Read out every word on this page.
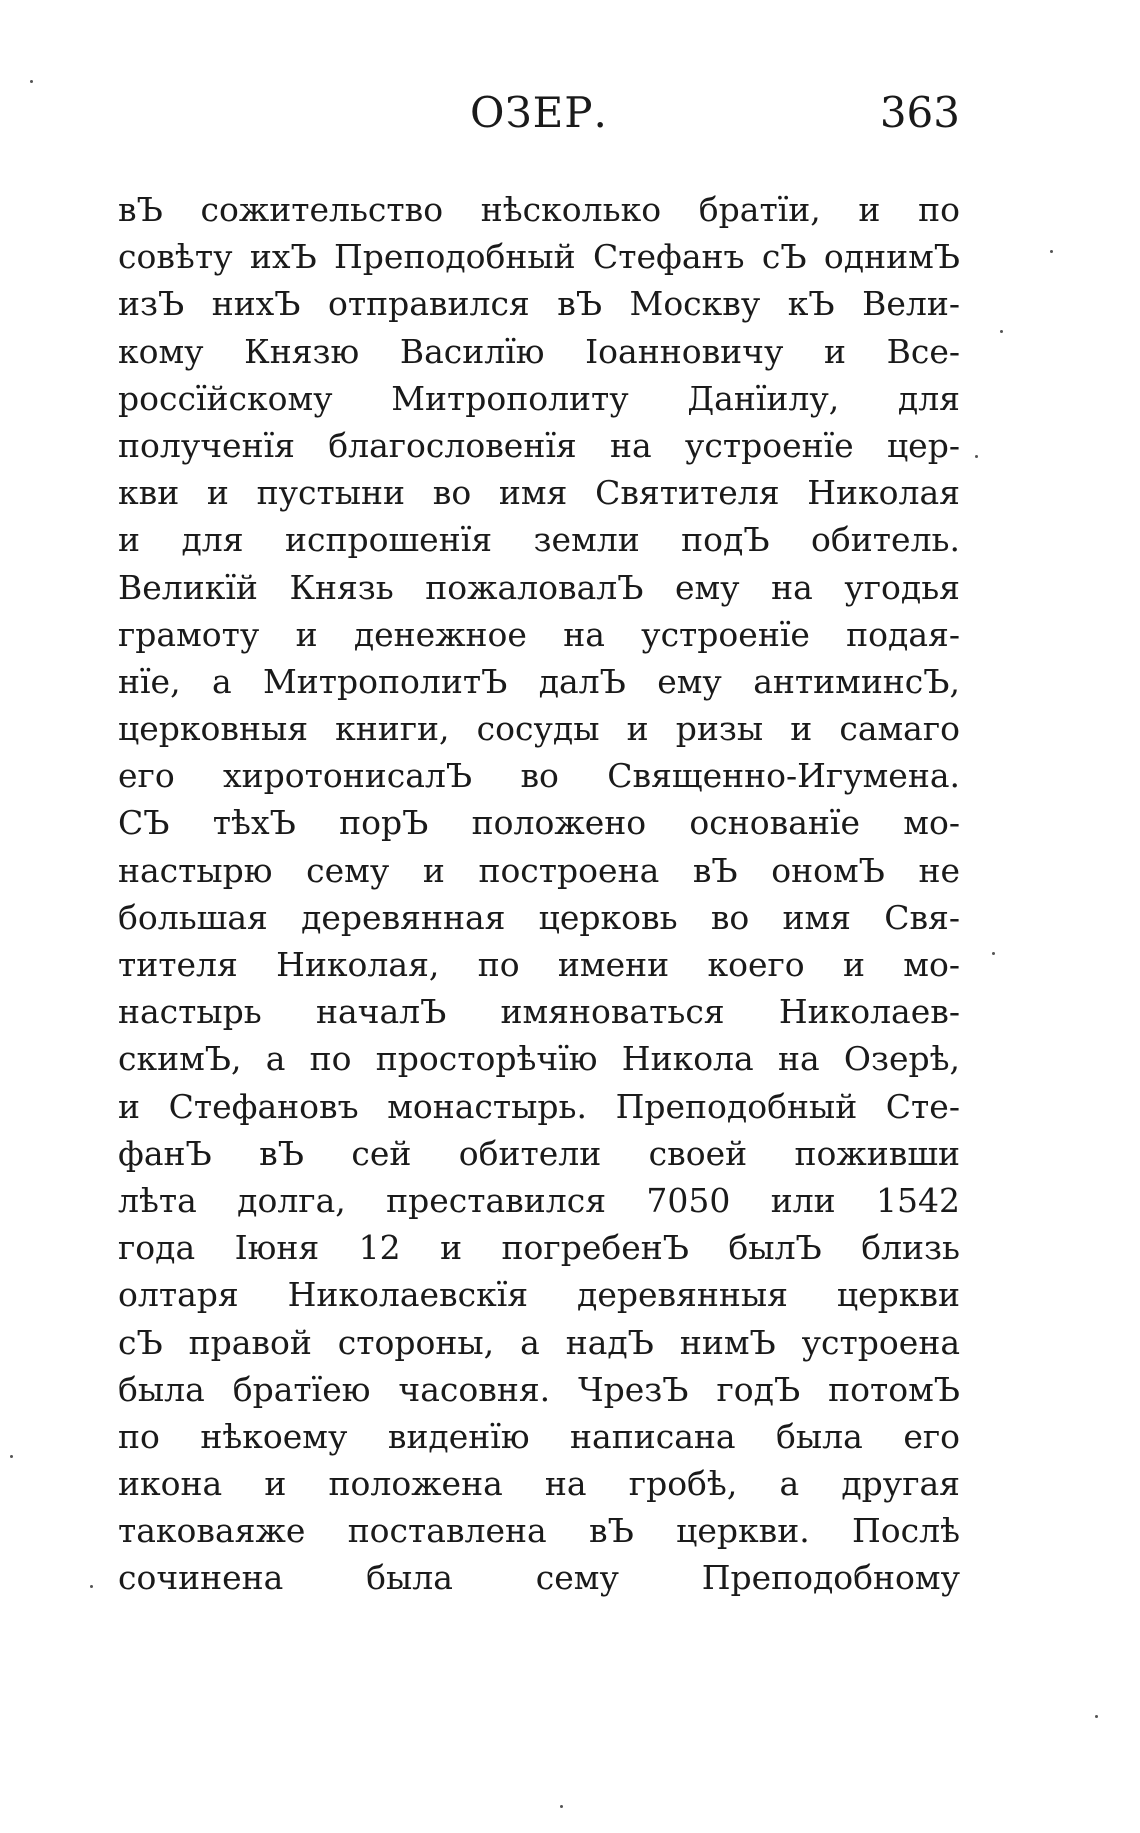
ОЗЕР.	363
вЪ сожительство нѣсколько братїи, и по
совѣту ихЪ Преподобный Стефанъ сЪ однимЪ
изЪ нихЪ отправился вЪ Москву кЪ Вели-
кому Князю Василїю Іоанновичу и Все-
россїйскому Митрополиту Данїилу, для
полученїя благословенїя на устроенїе цер-
кви и пустыни во имя Святителя Николая
и для испрошенїя земли подЪ обитель.
Великїй Князь пожаловалЪ ему на угодья
грамоту и денежное на устроенїе подая-
нїе, а МитрополитЪ далЪ ему антиминсЪ,
церковныя книги, сосуды и ризы и самаго
его хиротонисалЪ во Священно-Игумена.
СЪ тѣхЪ порЪ положено основанїе мо-
настырю сему и построена вЪ ономЪ не
большая деревянная церковь во имя Свя-
тителя Николая, по имени коего и мо-
настырь началЪ имяноваться Николаев-
скимЪ, а по просторѣчїю Никола на Озерѣ,
и Стефановъ монастырь. Преподобный Сте-
фанЪ вЪ сей обители своей поживши
лѣта долга, преставился 7050 или 1542
года Іюня 12 и погребенЪ былЪ близь
олтаря Николаевскїя деревянныя церкви
сЪ правой стороны, а надЪ нимЪ устроена
была братїею часовня. ЧрезЪ годЪ потомЪ
по нѣкоему виденїю написана была его
икона и положена на гробѣ, а другая
таковаяже поставлена вЪ церкви. Послѣ
сочинена была сему Преподобному
